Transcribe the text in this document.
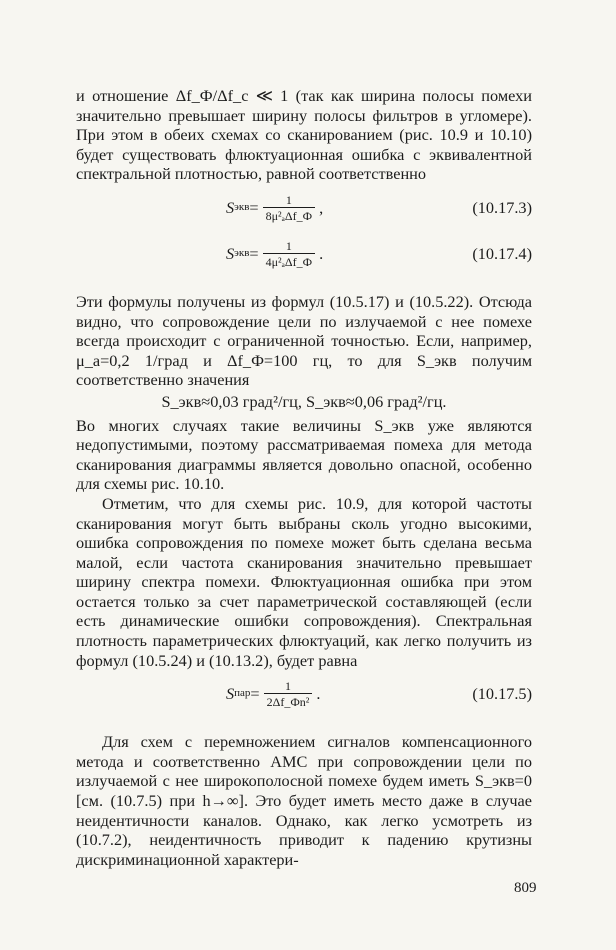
и отношение Δf_Ф/Δf_c ≪ 1 (так как ширина полосы помехи значительно превышает ширину полосы фильтров в угломере). При этом в обеих схемах со сканированием (рис. 10.9 и 10.10) будет существовать флюктуационная ошибка с эквивалентной спектральной плотностью, равной соответственно

S экв = $\frac{1}{\text{8μ²ₐΔf\_Ф}}$ ,	(10.17.3)
S экв = $\frac{1}{\text{4μ²ₐΔf\_Ф}}$ .	(10.17.4)

Эти формулы получены из формул (10.5.17) и (10.5.22). Отсюда видно, что сопровождение цели по излучаемой с нее помехе всегда происходит с ограниченной точностью. Если, например, μ_a=0,2 1/град и Δf_Ф=100 гц, то для S_экв получим соответственно значения

S_экв≈0,03 град²/гц, S_экв≈0,06 град²/гц.

Во многих случаях такие величины S_экв уже являются недопустимыми, поэтому рассматриваемая помеха для метода сканирования диаграммы является довольно опасной, особенно для схемы рис. 10.10.

Отметим, что для схемы рис. 10.9, для которой частоты сканирования могут быть выбраны сколь угодно высокими, ошибка сопровождения по помехе может быть сделана весьма малой, если частота сканирования значительно превышает ширину спектра помехи. Флюктуационная ошибка при этом остается только за счет параметрической составляющей (если есть динамические ошибки сопровождения). Спектральная плотность параметрических флюктуаций, как легко получить из формул (10.5.24) и (10.13.2), будет равна

S пар = $\frac{1}{\text{2Δf\_Фn²}}$ .	(10.17.5)

Для схем с перемножением сигналов компенсационного метода и соответственно АМС при сопровождении цели по излучаемой с нее широкополосной помехе будем иметь S_экв=0 [см. (10.7.5) при h→∞]. Это будет иметь место даже в случае неидентичности каналов. Однако, как легко усмотреть из (10.7.2), неидентичность приводит к падению крутизны дискриминационной характери-

809
